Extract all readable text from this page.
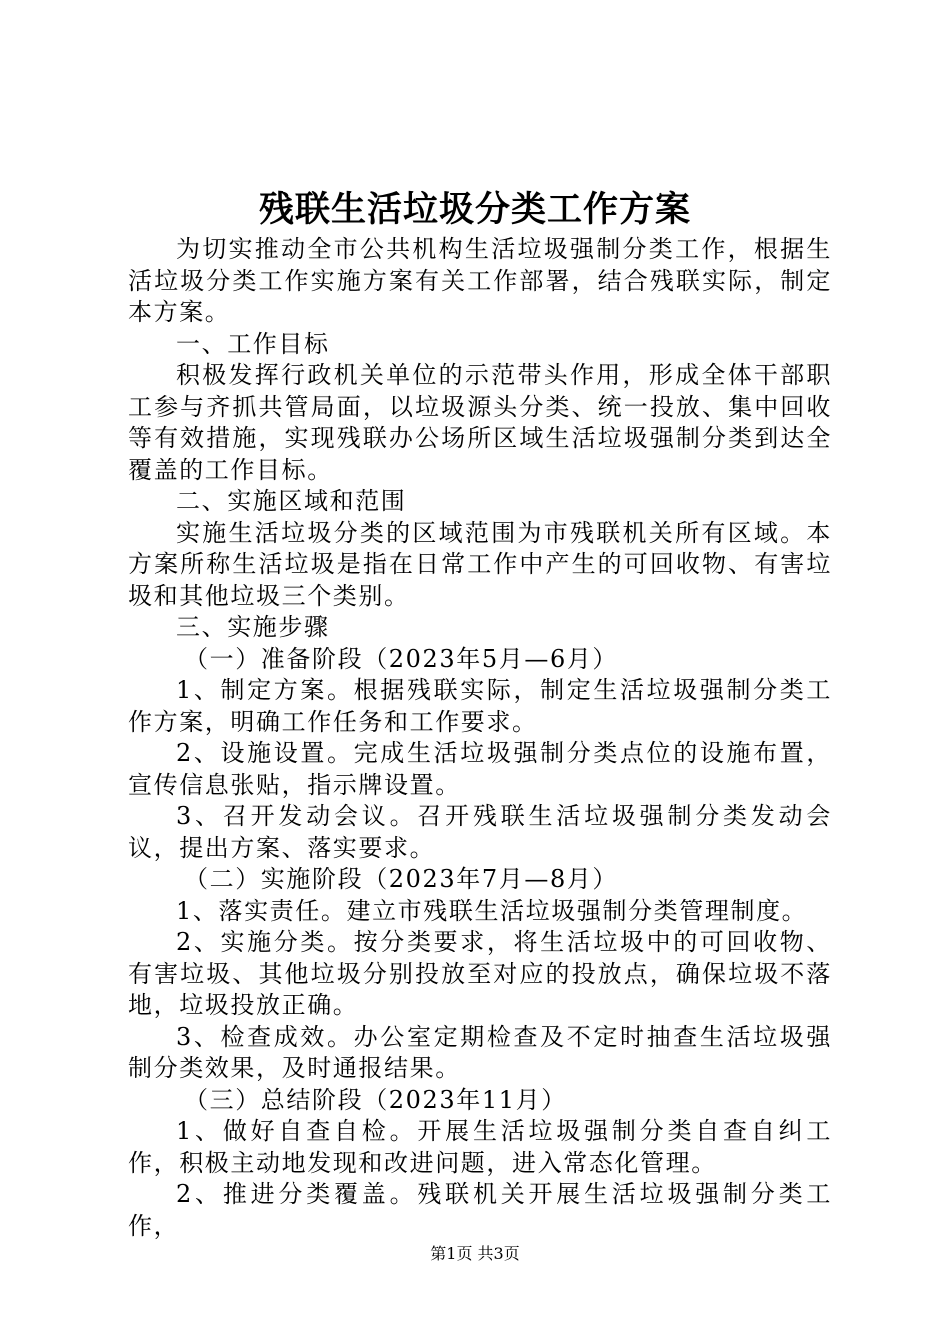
残联生活垃圾分类工作方案

为切实推动全市公共机构生活垃圾强制分类工作，根据生活垃圾分类工作实施方案有关工作部署，结合残联实际，制定本方案。

一、工作目标

积极发挥行政机关单位的示范带头作用，形成全体干部职工参与齐抓共管局面，以垃圾源头分类、统一投放、集中回收等有效措施，实现残联办公场所区域生活垃圾强制分类到达全覆盖的工作目标。

二、实施区域和范围

实施生活垃圾分类的区域范围为市残联机关所有区域。本方案所称生活垃圾是指在日常工作中产生的可回收物、有害垃圾和其他垃圾三个类别。

三、实施步骤

（一）准备阶段（2023年5月—6月）

1、制定方案。根据残联实际，制定生活垃圾强制分类工作方案，明确工作任务和工作要求。

2、设施设置。完成生活垃圾强制分类点位的设施布置，宣传信息张贴，指示牌设置。

3、召开发动会议。召开残联生活垃圾强制分类发动会议，提出方案、落实要求。

（二）实施阶段（2023年7月—8月）

1、落实责任。建立市残联生活垃圾强制分类管理制度。

2、实施分类。按分类要求，将生活垃圾中的可回收物、有害垃圾、其他垃圾分别投放至对应的投放点，确保垃圾不落地，垃圾投放正确。

3、检查成效。办公室定期检查及不定时抽查生活垃圾强制分类效果，及时通报结果。

（三）总结阶段（2023年11月）

1、做好自查自检。开展生活垃圾强制分类自查自纠工作，积极主动地发现和改进问题，进入常态化管理。

2、推进分类覆盖。残联机关开展生活垃圾强制分类工作，

第1页 共3页
